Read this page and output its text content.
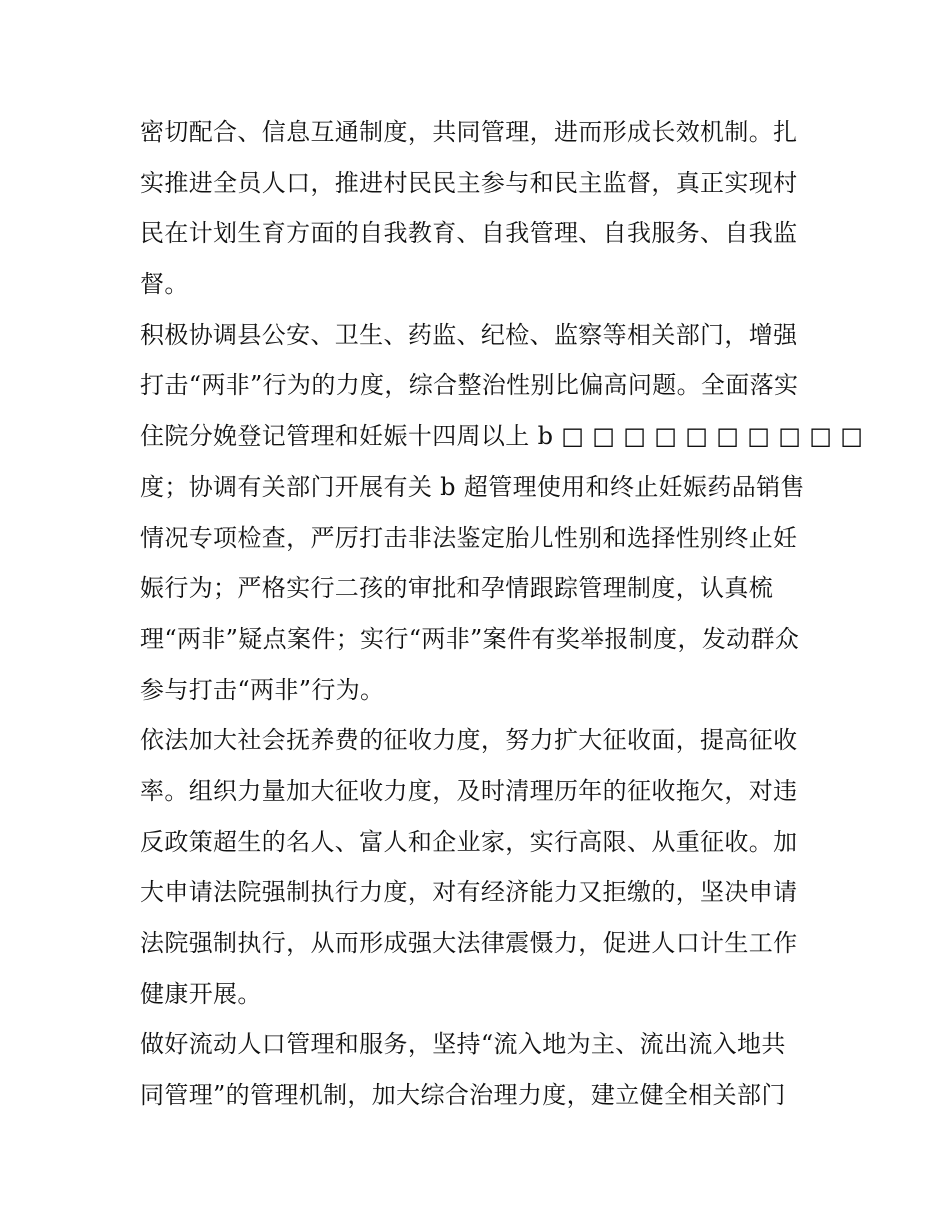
密切配合、信息互通制度，共同管理，进而形成长效机制。扎
实推进全员人口，推进村民民主参与和民主监督，真正实现村
民在计划生育方面的自我教育、自我管理、自我服务、自我监
督。
积极协调县公安、卫生、药监、纪检、监察等相关部门，增强
打击“两非”行为的力度，综合整治性别比偏高问题。全面落实
住院分娩登记管理和妊娠十四周以上 b □ □ □ □ □ □ □ □ □ □
度；协调有关部门开展有关 b 超管理使用和终止妊娠药品销售
情况专项检查，严厉打击非法鉴定胎儿性别和选择性别终止妊
娠行为；严格实行二孩的审批和孕情跟踪管理制度，认真梳
理“两非”疑点案件；实行“两非”案件有奖举报制度，发动群众
参与打击“两非”行为。
依法加大社会抚养费的征收力度，努力扩大征收面，提高征收
率。组织力量加大征收力度，及时清理历年的征收拖欠，对违
反政策超生的名人、富人和企业家，实行高限、从重征收。加
大申请法院强制执行力度，对有经济能力又拒缴的，坚决申请
法院强制执行，从而形成强大法律震慑力，促进人口计生工作
健康开展。
做好流动人口管理和服务，坚持“流入地为主、流出流入地共
同管理”的管理机制，加大综合治理力度，建立健全相关部门
